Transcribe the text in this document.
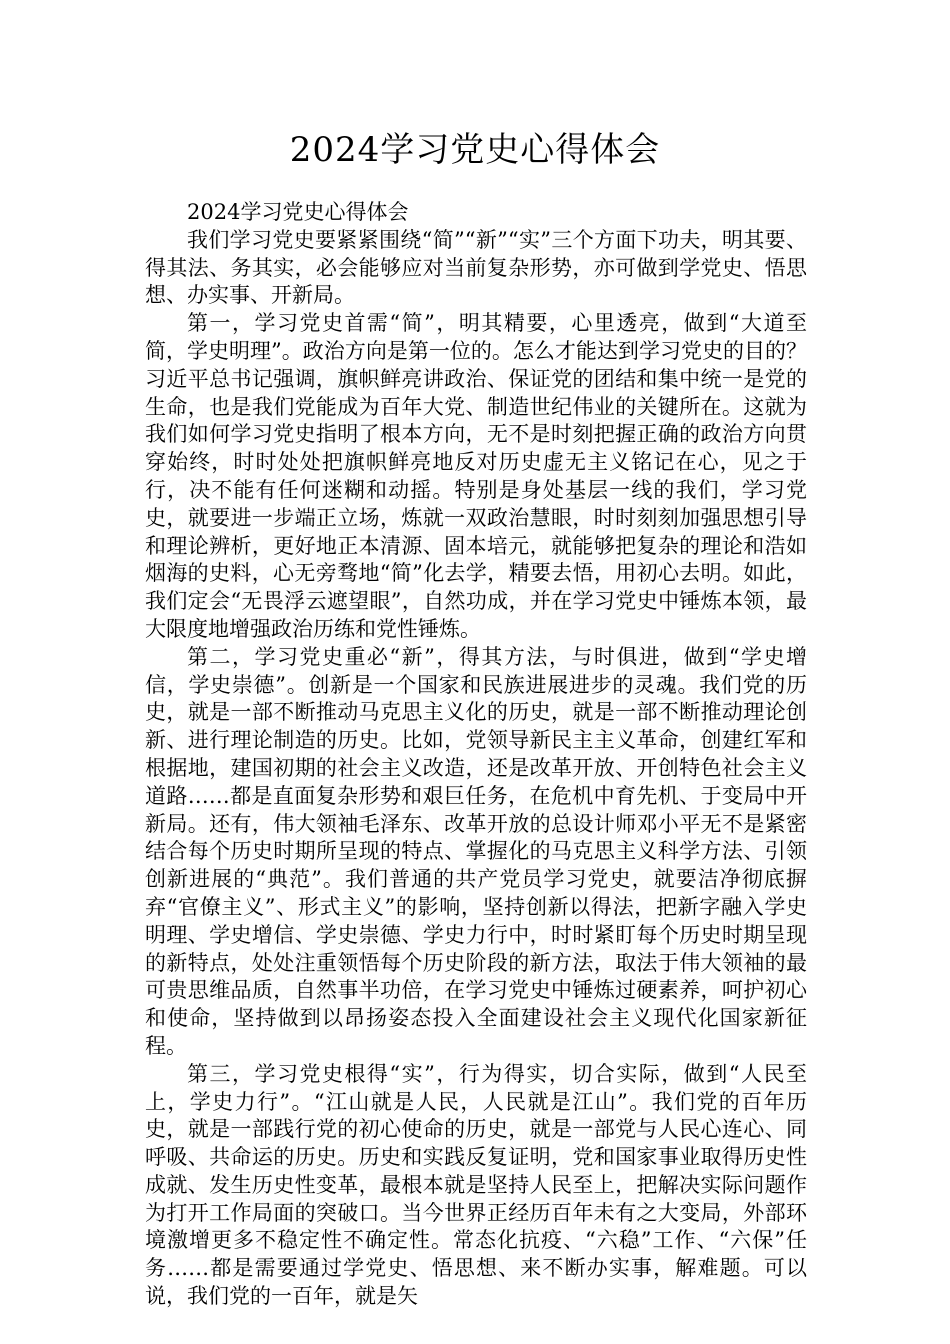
2024学习党史心得体会

2024学习党史心得体会

我们学习党史要紧紧围绕“简”“新”“实”三个方面下功夫，明其要、得其法、务其实，必会能够应对当前复杂形势，亦可做到学党史、悟思想、办实事、开新局。

第一，学习党史首需“简”，明其精要，心里透亮，做到“大道至简，学史明理”。政治方向是第一位的。怎么才能达到学习党史的目的？习近平总书记强调，旗帜鲜亮讲政治、保证党的团结和集中统一是党的生命，也是我们党能成为百年大党、制造世纪伟业的关键所在。这就为我们如何学习党史指明了根本方向，无不是时刻把握正确的政治方向贯穿始终，时时处处把旗帜鲜亮地反对历史虚无主义铭记在心，见之于行，决不能有任何迷糊和动摇。特别是身处基层一线的我们，学习党史，就要进一步端正立场，炼就一双政治慧眼，时时刻刻加强思想引导和理论辨析，更好地正本清源、固本培元，就能够把复杂的理论和浩如烟海的史料，心无旁骛地“简”化去学，精要去悟，用初心去明。如此，我们定会“无畏浮云遮望眼”，自然功成，并在学习党史中锤炼本领，最大限度地增强政治历练和党性锤炼。

第二，学习党史重必“新”，得其方法，与时俱进，做到“学史增信，学史崇德”。创新是一个国家和民族进展进步的灵魂。我们党的历史，就是一部不断推动马克思主义化的历史，就是一部不断推动理论创新、进行理论制造的历史。比如，党领导新民主主义革命，创建红军和根据地，建国初期的社会主义改造，还是改革开放、开创特色社会主义道路……都是直面复杂形势和艰巨任务，在危机中育先机、于变局中开新局。还有，伟大领袖毛泽东、改革开放的总设计师邓小平无不是紧密结合每个历史时期所呈现的特点、掌握化的马克思主义科学方法、引领创新进展的“典范”。我们普通的共产党员学习党史，就要洁净彻底摒弃“官僚主义”、形式主义”的影响，坚持创新以得法，把新字融入学史明理、学史增信、学史崇德、学史力行中，时时紧盯每个历史时期呈现的新特点，处处注重领悟每个历史阶段的新方法，取法于伟大领袖的最可贵思维品质，自然事半功倍，在学习党史中锤炼过硬素养，呵护初心和使命，坚持做到以昂扬姿态投入全面建设社会主义现代化国家新征程。

第三，学习党史根得“实”，行为得实，切合实际，做到“人民至上，学史力行”。“江山就是人民，人民就是江山”。我们党的百年历史，就是一部践行党的初心使命的历史，就是一部党与人民心连心、同呼吸、共命运的历史。历史和实践反复证明，党和国家事业取得历史性成就、发生历史性变革，最根本就是坚持人民至上，把解决实际问题作为打开工作局面的突破口。当今世界正经历百年未有之大变局，外部环境激增更多不稳定性不确定性。常态化抗疫、“六稳”工作、“六保”任务……都是需要通过学党史、悟思想、来不断办实事，解难题。可以说，我们党的一百年，就是矢
